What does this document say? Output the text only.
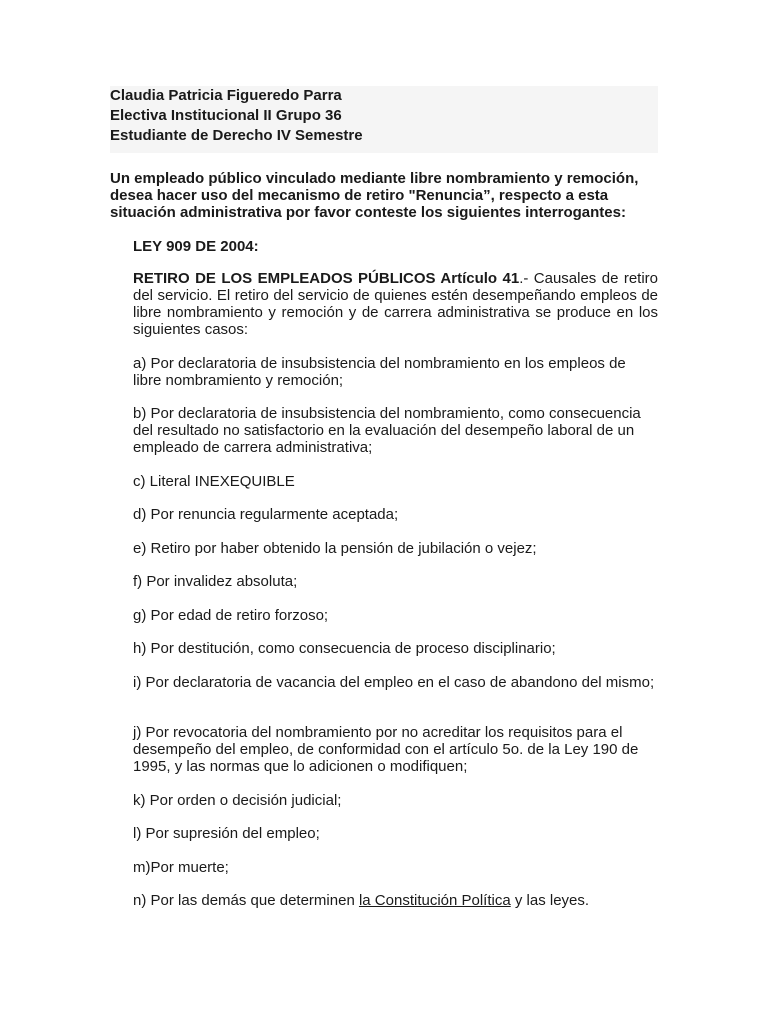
Claudia Patricia Figueredo Parra
Electiva Institucional II Grupo 36
Estudiante de Derecho IV Semestre
Un empleado público vinculado mediante libre nombramiento y remoción,
desea hacer uso del mecanismo de retiro "Renuncia”, respecto a esta
situación administrativa por favor conteste los siguientes interrogantes:

LEY 909 DE 2004:

RETIRO DE LOS EMPLEADOS PÚBLICOS Artículo 41.- Causales de retiro del servicio. El retiro del servicio de quienes estén desempeñando empleos de libre nombramiento y remoción y de carrera administrativa se produce en los siguientes casos:

a) Por declaratoria de insubsistencia del nombramiento en los empleos de libre nombramiento y remoción;

b) Por declaratoria de insubsistencia del nombramiento, como consecuencia del resultado no satisfactorio en la evaluación del desempeño laboral de un empleado de carrera administrativa;

c) Literal INEXEQUIBLE

d) Por renuncia regularmente aceptada;

e) Retiro por haber obtenido la pensión de jubilación o vejez;

f) Por invalidez absoluta;

g) Por edad de retiro forzoso;

h) Por destitución, como consecuencia de proceso disciplinario;

i) Por declaratoria de vacancia del empleo en el caso de abandono del mismo;

j) Por revocatoria del nombramiento por no acreditar los requisitos para el desempeño del empleo, de conformidad con el artículo 5o. de la Ley 190 de 1995, y las normas que lo adicionen o modifiquen;

k) Por orden o decisión judicial;

l) Por supresión del empleo;

m)Por muerte;

n) Por las demás que determinen la Constitución Política y las leyes.
